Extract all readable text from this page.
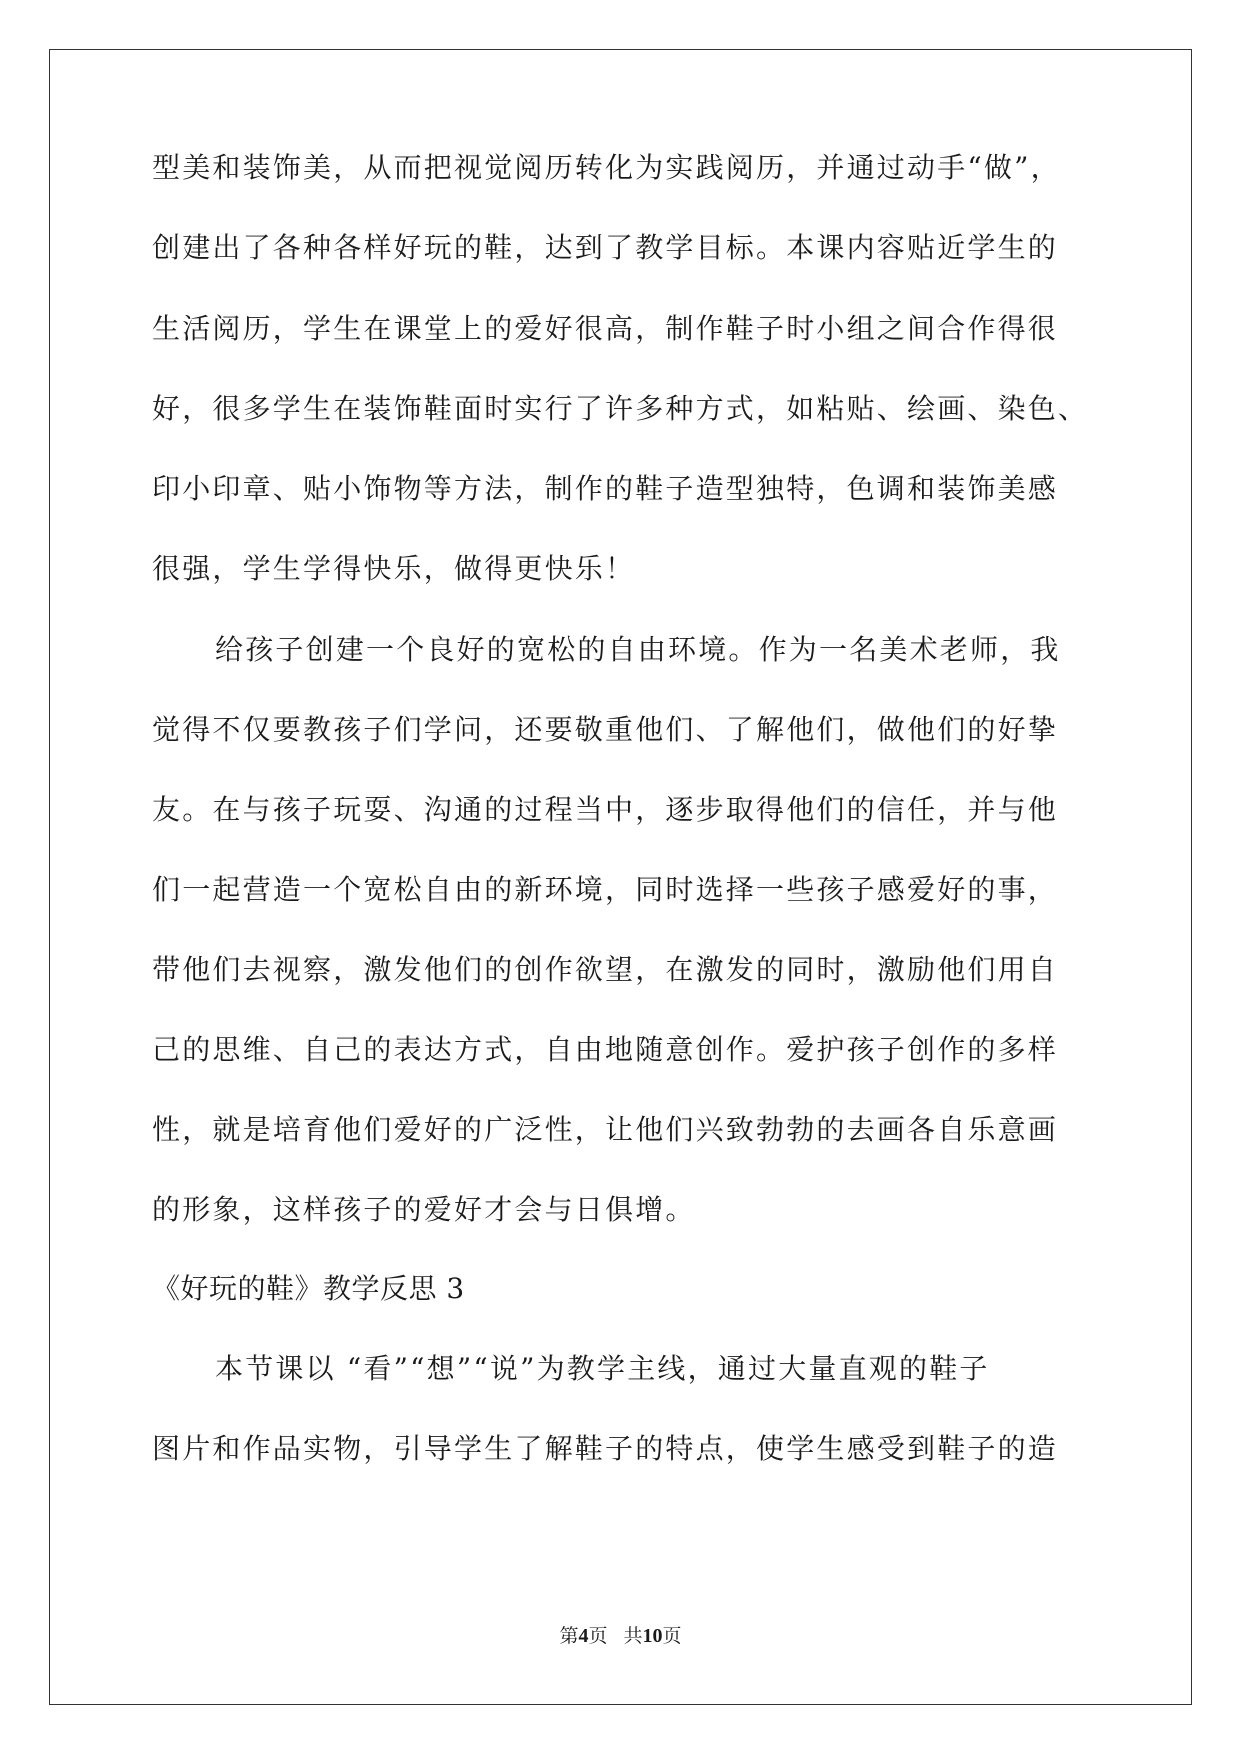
型美和装饰美，从而把视觉阅历转化为实践阅历，并通过动手“做”，
创建出了各种各样好玩的鞋，达到了教学目标。本课内容贴近学生的
生活阅历，学生在课堂上的爱好很高，制作鞋子时小组之间合作得很
好，很多学生在装饰鞋面时实行了许多种方式，如粘贴、绘画、染色、
印小印章、贴小饰物等方法，制作的鞋子造型独特，色调和装饰美感
很强，学生学得快乐，做得更快乐！
给孩子创建一个良好的宽松的自由环境。作为一名美术老师，我
觉得不仅要教孩子们学问，还要敬重他们、了解他们，做他们的好挚
友。在与孩子玩耍、沟通的过程当中，逐步取得他们的信任，并与他
们一起营造一个宽松自由的新环境，同时选择一些孩子感爱好的事，
带他们去视察，激发他们的创作欲望，在激发的同时，激励他们用自
己的思维、自己的表达方式，自由地随意创作。爱护孩子创作的多样
性，就是培育他们爱好的广泛性，让他们兴致勃勃的去画各自乐意画
的形象，这样孩子的爱好才会与日俱增。
《好玩的鞋》教学反思 3
本节课以 “看”“想”“说”为教学主线，通过大量直观的鞋子
图片和作品实物，引导学生了解鞋子的特点，使学生感受到鞋子的造
第4页 共10页
